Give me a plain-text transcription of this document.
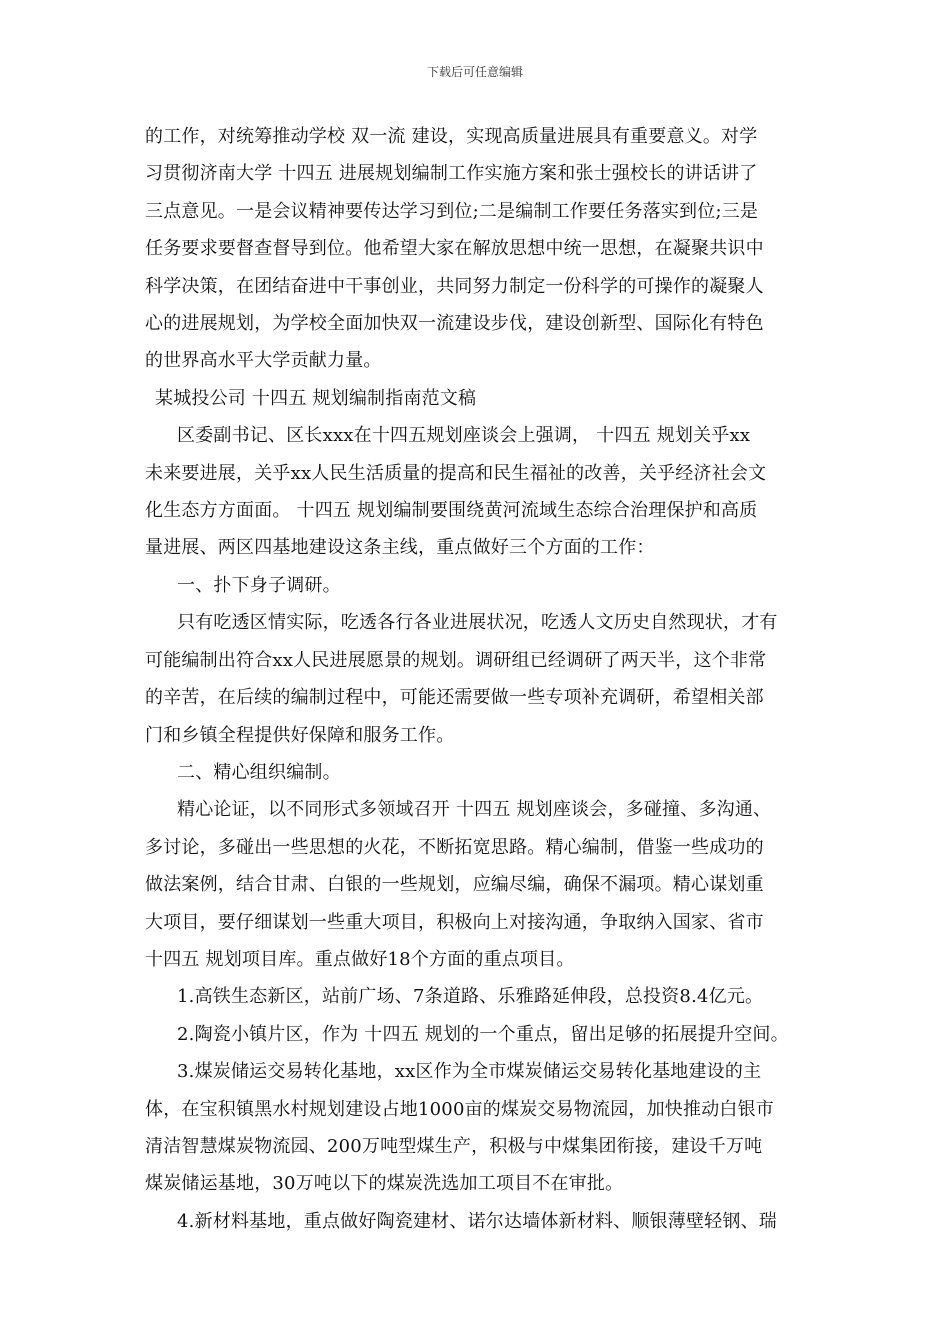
下载后可任意编辑

的工作，对统筹推动学校 双一流 建设，实现高质量进展具有重要意义。对学

习贯彻济南大学 十四五 进展规划编制工作实施方案和张士强校长的讲话讲了

三点意见。一是会议精神要传达学习到位;二是编制工作要任务落实到位;三是

任务要求要督查督导到位。他希望大家在解放思想中统一思想，在凝聚共识中

科学决策，在团结奋进中干事创业，共同努力制定一份科学的可操作的凝聚人

心的进展规划，为学校全面加快双一流建设步伐，建设创新型、国际化有特色

的世界高水平大学贡献力量。

某城投公司 十四五 规划编制指南范文稿

区委副书记、区长xxx在十四五规划座谈会上强调， 十四五 规划关乎xx

未来要进展，关乎xx人民生活质量的提高和民生福祉的改善，关乎经济社会文

化生态方方面面。 十四五 规划编制要围绕黄河流域生态综合治理保护和高质

量进展、两区四基地建设这条主线，重点做好三个方面的工作：

一、扑下身子调研。

只有吃透区情实际，吃透各行各业进展状况，吃透人文历史自然现状，才有

可能编制出符合xx人民进展愿景的规划。调研组已经调研了两天半，这个非常

的辛苦，在后续的编制过程中，可能还需要做一些专项补充调研，希望相关部

门和乡镇全程提供好保障和服务工作。

二、精心组织编制。

精心论证，以不同形式多领域召开 十四五 规划座谈会，多碰撞、多沟通、

多讨论，多碰出一些思想的火花，不断拓宽思路。精心编制，借鉴一些成功的

做法案例，结合甘肃、白银的一些规划，应编尽编，确保不漏项。精心谋划重

大项目，要仔细谋划一些重大项目，积极向上对接沟通，争取纳入国家、省市

十四五 规划项目库。重点做好18个方面的重点项目。

1.高铁生态新区，站前广场、7条道路、乐雅路延伸段，总投资8.4亿元。

2.陶瓷小镇片区，作为 十四五 规划的一个重点，留出足够的拓展提升空间。

3.煤炭储运交易转化基地，xx区作为全市煤炭储运交易转化基地建设的主

体，在宝积镇黑水村规划建设占地1000亩的煤炭交易物流园，加快推动白银市

清洁智慧煤炭物流园、200万吨型煤生产，积极与中煤集团衔接，建设千万吨

煤炭储运基地，30万吨以下的煤炭洗选加工项目不在审批。

4.新材料基地，重点做好陶瓷建材、诺尔达墙体新材料、顺银薄壁轻钢、瑞
